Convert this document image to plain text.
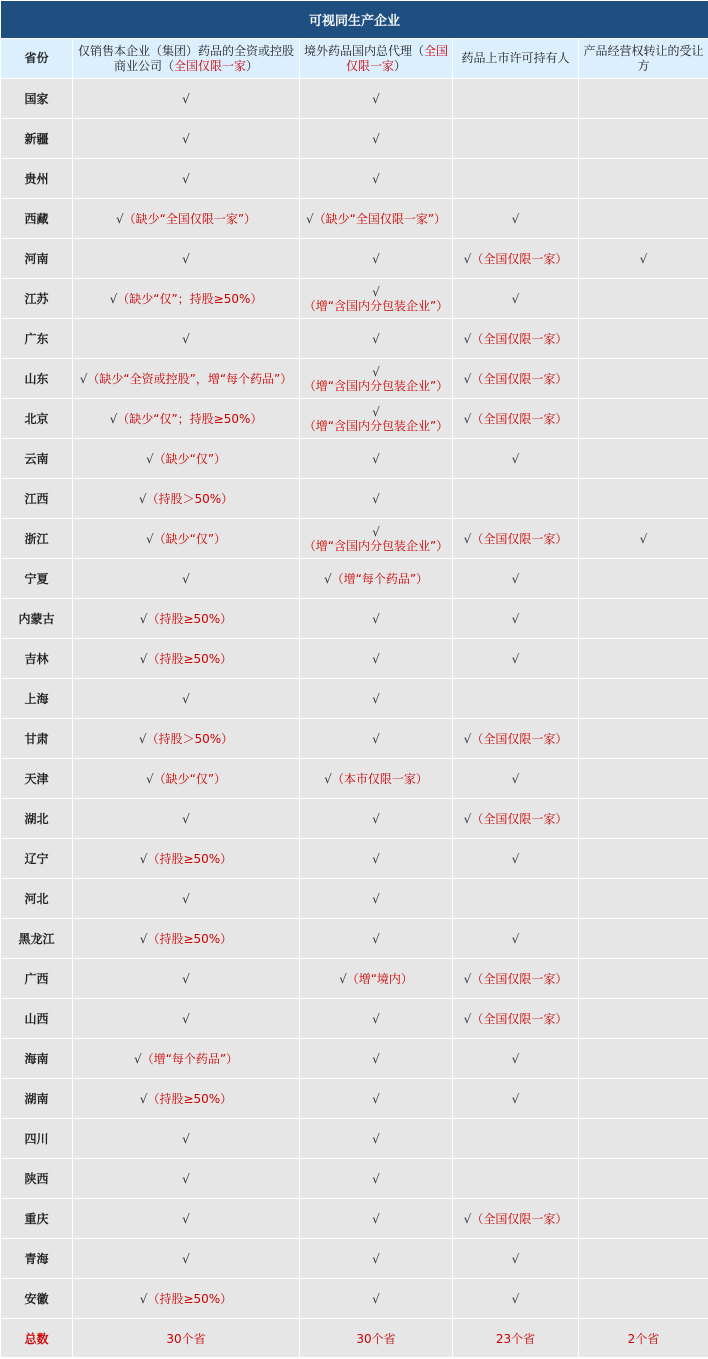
可视同生产企业				
省份	仅销售本企业（集团）药品的全资或控股商业公司（全国仅限一家）	境外药品国内总代理（全国仅限一家）	药品上市许可持有人	产品经营权转让的受让方
国家	√	√		
新疆	√	√		
贵州	√	√		
西藏	√（缺少“全国仅限一家”）	√（缺少“全国仅限一家”）	√	
河南	√	√	√（全国仅限一家）	√
江苏	√（缺少“仅”；持股≥50%）	√（增“含国内分包装企业”）	√	
广东	√	√	√（全国仅限一家）	
山东	√（缺少“全资或控股”，增“每个药品”）	√（增“含国内分包装企业”）	√（全国仅限一家）	
北京	√（缺少“仅”；持股≥50%）	√（增“含国内分包装企业”）	√（全国仅限一家）	
云南	√（缺少“仅”）	√	√	
江西	√（持股＞50%）	√		
浙江	√（缺少“仅”）	√（增“含国内分包装企业”）	√（全国仅限一家）	√
宁夏	√	√（增“每个药品”）	√	
内蒙古	√（持股≥50%）	√	√	
吉林	√（持股≥50%）	√	√	
上海	√	√		
甘肃	√（持股＞50%）	√	√（全国仅限一家）	
天津	√（缺少“仅”）	√（本市仅限一家）	√	
湖北	√	√	√（全国仅限一家）	
辽宁	√（持股≥50%）	√	√	
河北	√	√		
黑龙江	√（持股≥50%）	√	√	
广西	√	√（增“境内）	√（全国仅限一家）	
山西	√	√	√（全国仅限一家）	
海南	√（增“每个药品”）	√	√	
湖南	√（持股≥50%）	√	√	
四川	√	√		
陕西	√	√		
重庆	√	√	√（全国仅限一家）	
青海	√	√	√	
安徽	√（持股≥50%）	√	√	
总数	30个省	30个省	23个省	2个省
